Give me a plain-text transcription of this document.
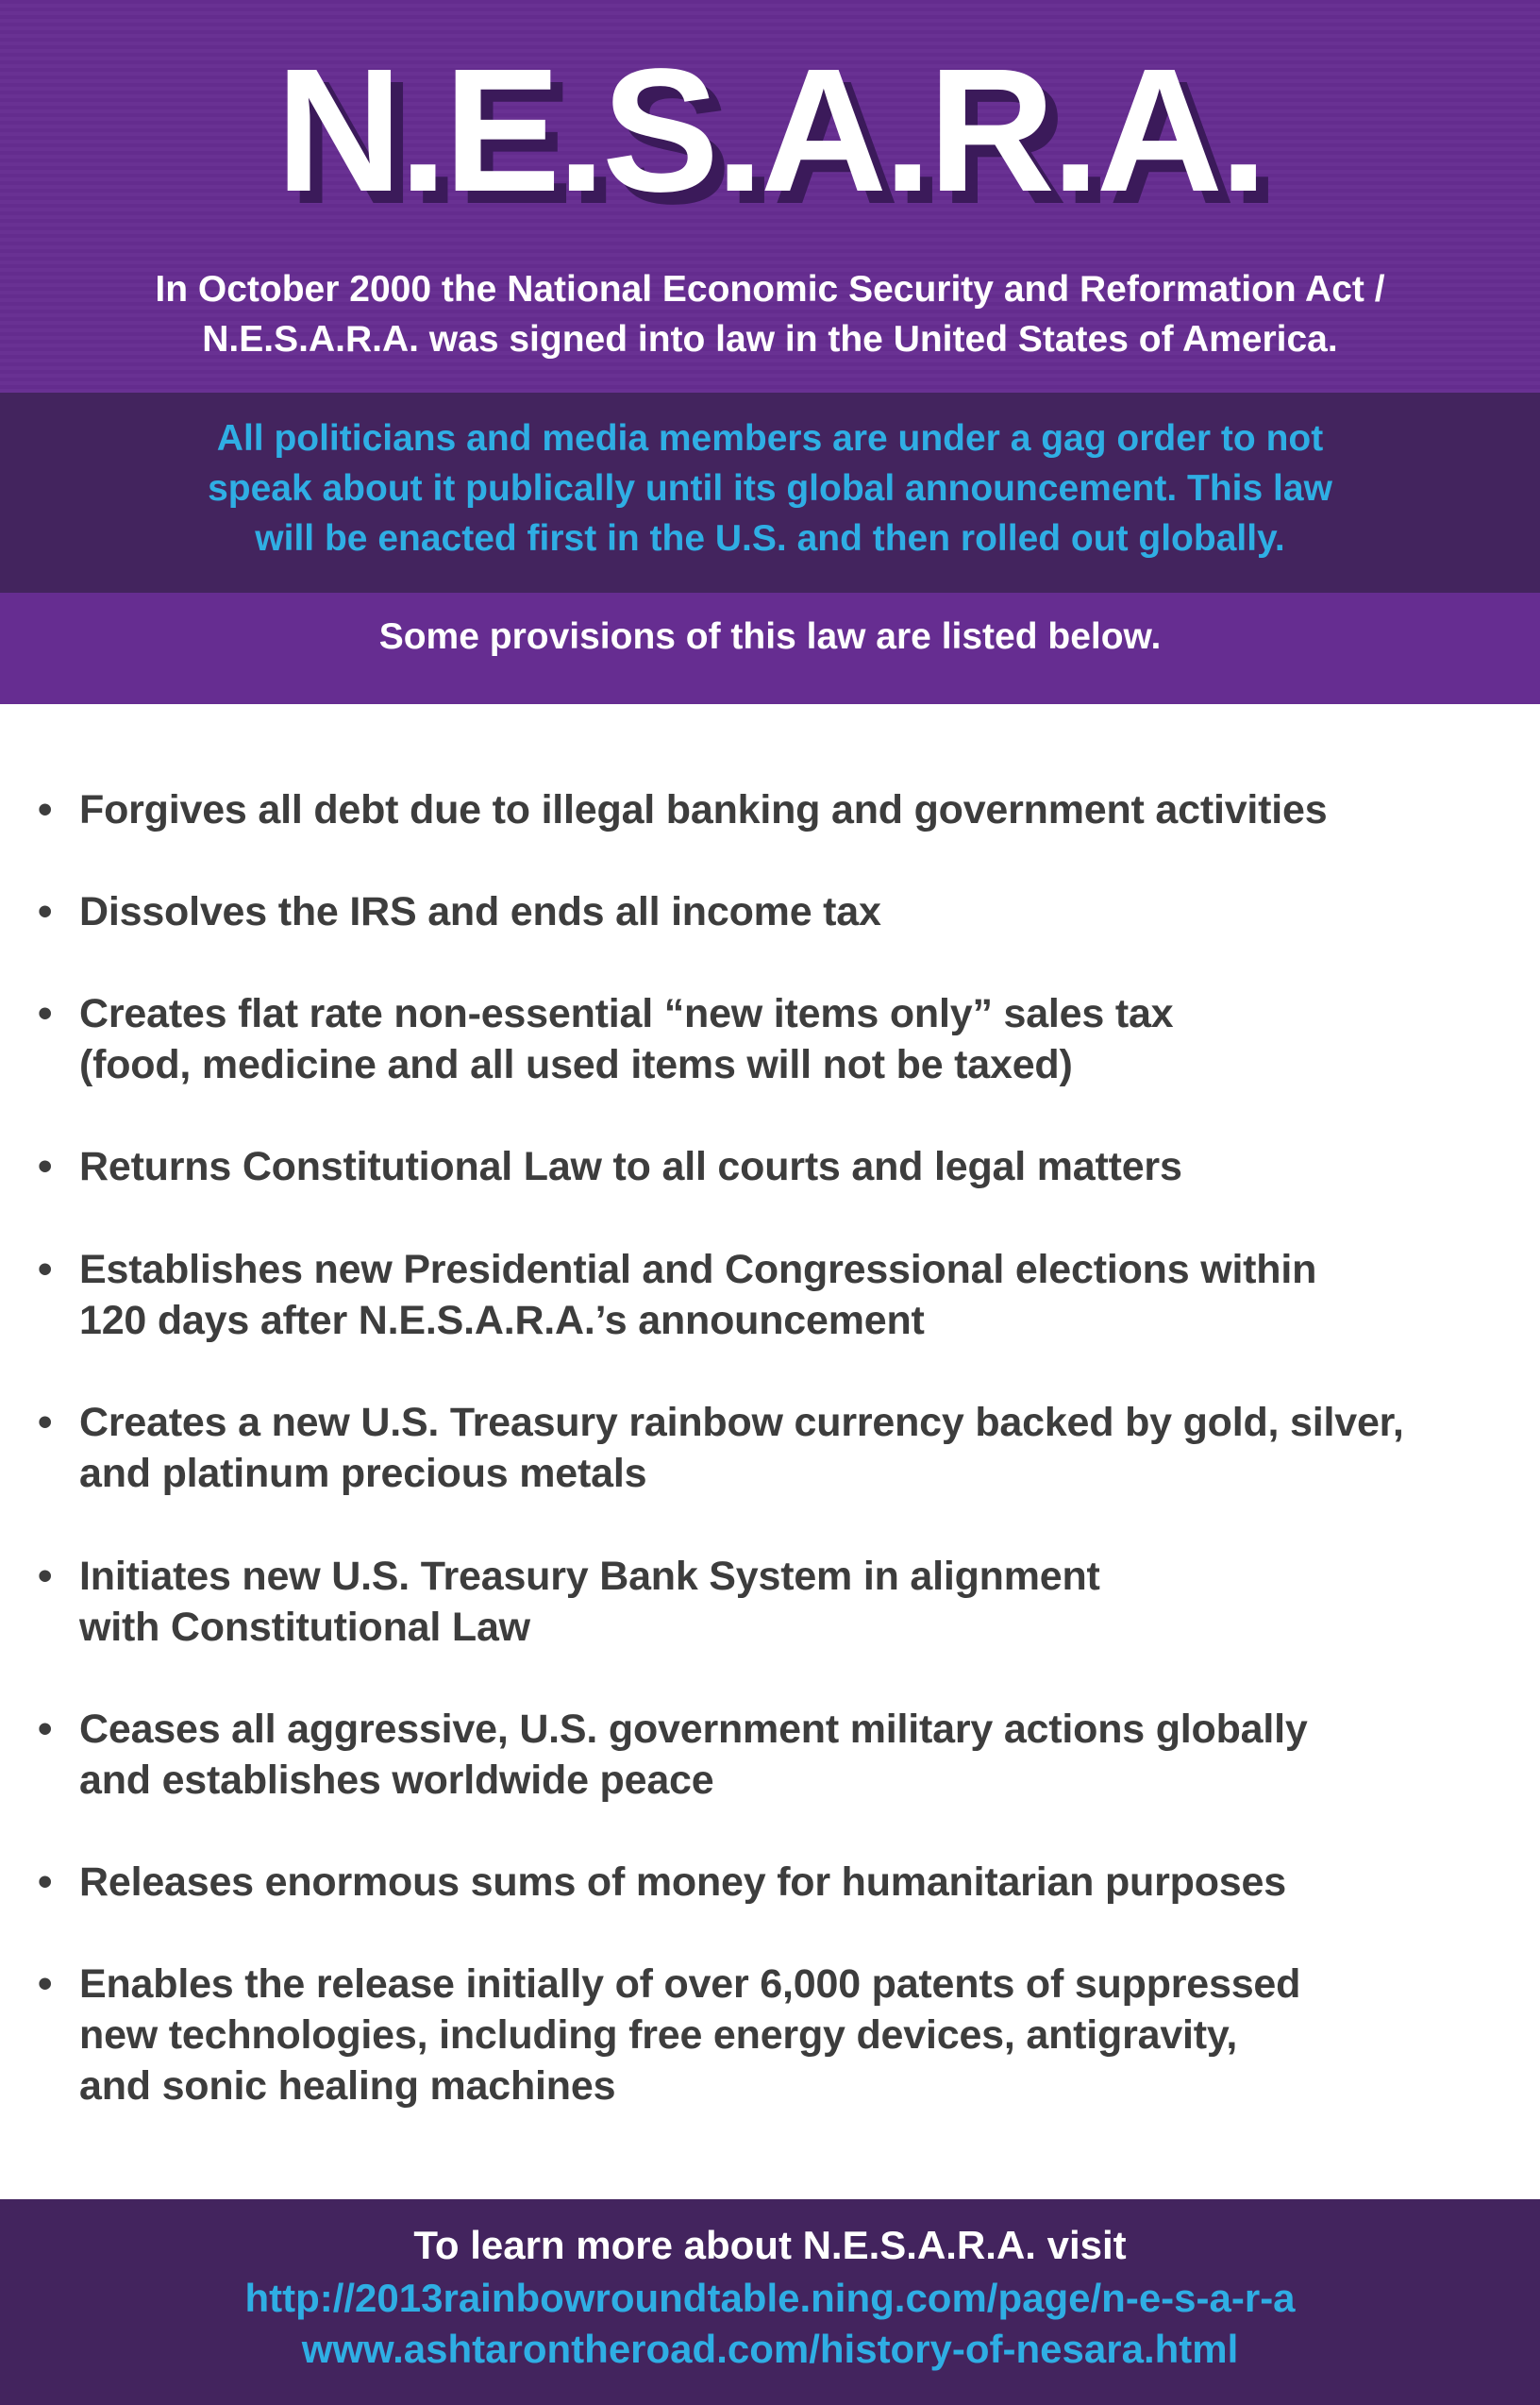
N.E.S.A.R.A.

In October 2000 the National Economic Security and Reformation Act /
N.E.S.A.R.A. was signed into law in the United States of America.

All politicians and media members are under a gag order to not
speak about it publically until its global announcement. This law
will be enacted first in the U.S. and then rolled out globally.

Some provisions of this law are listed below.

• Forgives all debt due to illegal banking and government activities
• Dissolves the IRS and ends all income tax
• Creates flat rate non-essential “new items only” sales tax
(food, medicine and all used items will not be taxed)
• Returns Constitutional Law to all courts and legal matters
• Establishes new Presidential and Congressional elections within
120 days after N.E.S.A.R.A.’s announcement
• Creates a new U.S. Treasury rainbow currency backed by gold, silver,
and platinum precious metals
• Initiates new U.S. Treasury Bank System in alignment
with Constitutional Law
• Ceases all aggressive, U.S. government military actions globally
and establishes worldwide peace
• Releases enormous sums of money for humanitarian purposes
• Enables the release initially of over 6,000 patents of suppressed
new technologies, including free energy devices, antigravity,
and sonic healing machines

To learn more about N.E.S.A.R.A. visit

http://2013rainbowroundtable.ning.com/page/n-e-s-a-r-a

www.ashtarontheroad.com/history-of-nesara.html
